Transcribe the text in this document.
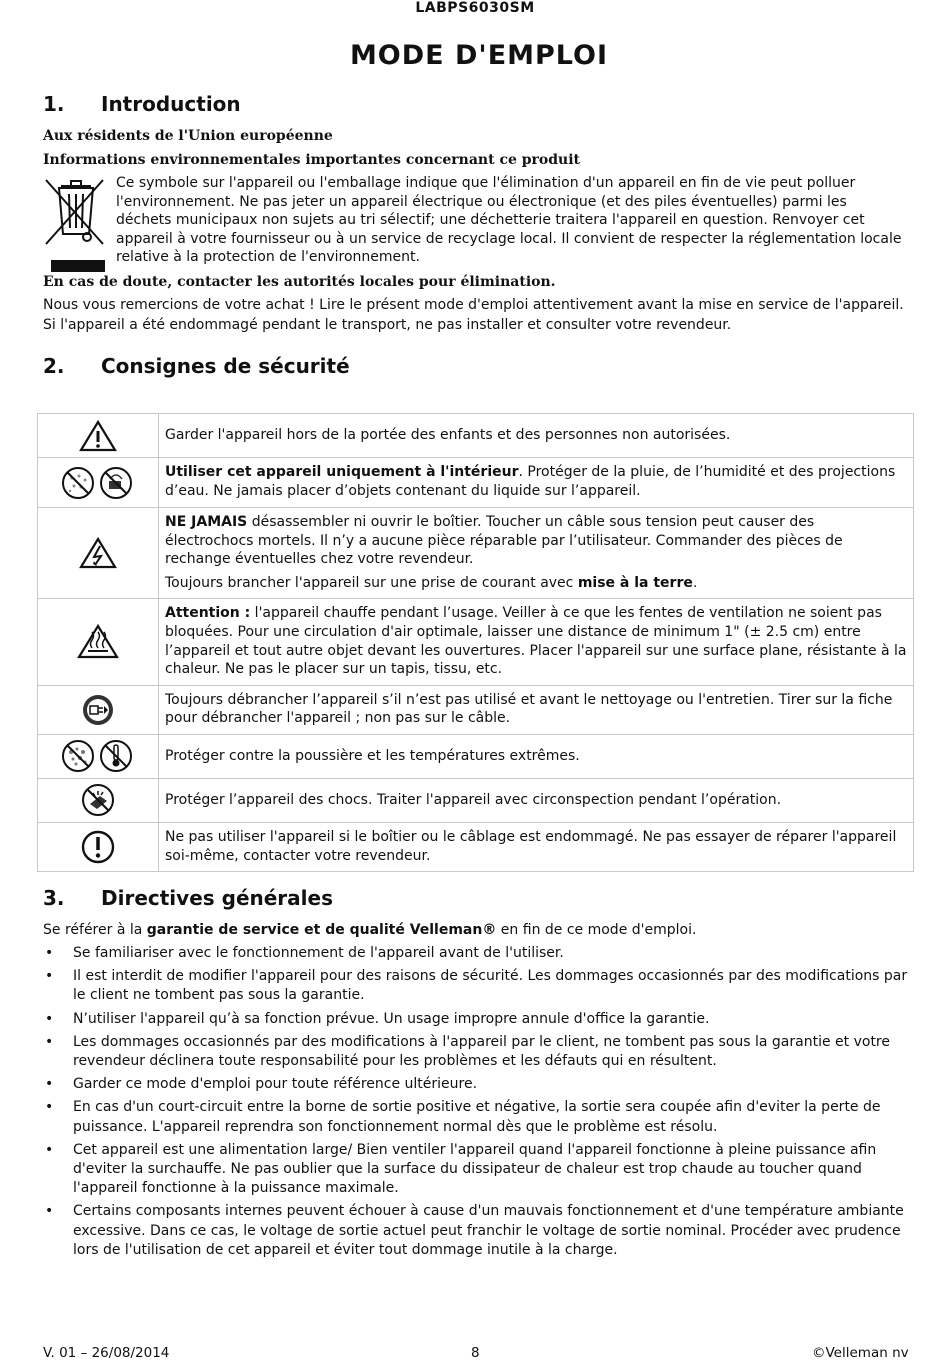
LABPS6030SM
MODE D'EMPLOI
1. Introduction
Aux résidents de l'Union européenne
Informations environnementales importantes concernant ce produit
Ce symbole sur l'appareil ou l'emballage indique que l'élimination d'un appareil en fin de vie peut polluer l'environnement. Ne pas jeter un appareil électrique ou électronique (et des piles éventuelles) parmi les déchets municipaux non sujets au tri sélectif; une déchetterie traitera l'appareil en question. Renvoyer cet appareil à votre fournisseur ou à un service de recyclage local. Il convient de respecter la réglementation locale relative à la protection de l'environnement.
En cas de doute, contacter les autorités locales pour élimination.
Nous vous remercions de votre achat ! Lire le présent mode d'emploi attentivement avant la mise en service de l'appareil. Si l'appareil a été endommagé pendant le transport, ne pas installer et consulter votre revendeur.
2. Consignes de sécurité

Garder l'appareil hors de la portée des enfants et des personnes non autorisées.

Utiliser cet appareil uniquement à l'intérieur. Protéger de la pluie, de l’humidité et des projections d’eau. Ne jamais placer d’objets contenant du liquide sur l’appareil.

NE JAMAIS désassembler ni ouvrir le boîtier. Toucher un câble sous tension peut causer des électrochocs mortels. Il n’y a aucune pièce réparable par l’utilisateur. Commander des pièces de rechange éventuelles chez votre revendeur.

Toujours brancher l'appareil sur une prise de courant avec mise à la terre.

Attention : l'appareil chauffe pendant l’usage. Veiller à ce que les fentes de ventilation ne soient pas bloquées. Pour une circulation d'air optimale, laisser une distance de minimum 1" (± 2.5 cm) entre l’appareil et tout autre objet devant les ouvertures. Placer l'appareil sur une surface plane, résistante à la chaleur. Ne pas le placer sur un tapis, tissu, etc.

Toujours débrancher l’appareil s’il n’est pas utilisé et avant le nettoyage ou l'entretien. Tirer sur la fiche pour débrancher l'appareil ; non pas sur le câble.

Protéger contre la poussière et les températures extrêmes.

Protéger l’appareil des chocs. Traiter l'appareil avec circonspection pendant l’opération.

Ne pas utiliser l'appareil si le boîtier ou le câblage est endommagé. Ne pas essayer de réparer l'appareil soi-même, contacter votre revendeur.

3. Directives générales
Se référer à la garantie de service et de qualité Velleman® en fin de ce mode d'emploi.
• Se familiariser avec le fonctionnement de l'appareil avant de l'utiliser.
• Il est interdit de modifier l'appareil pour des raisons de sécurité. Les dommages occasionnés par des modifications par le client ne tombent pas sous la garantie.
• N’utiliser l'appareil qu’à sa fonction prévue. Un usage impropre annule d'office la garantie.
• Les dommages occasionnés par des modifications à l'appareil par le client, ne tombent pas sous la garantie et votre revendeur déclinera toute responsabilité pour les problèmes et les défauts qui en résultent.
• Garder ce mode d'emploi pour toute référence ultérieure.
• En cas d'un court-circuit entre la borne de sortie positive et négative, la sortie sera coupée afin d'eviter la perte de puissance. L'appareil reprendra son fonctionnement normal dès que le problème est résolu.
• Cet appareil est une alimentation large/ Bien ventiler l'appareil quand l'appareil fonctionne à pleine puissance afin d'eviter la surchauffe. Ne pas oublier que la surface du dissipateur de chaleur est trop chaude au toucher quand l'appareil fonctionne à la puissance maximale.
• Certains composants internes peuvent échouer à cause d'un mauvais fonctionnement et d'une température ambiante excessive. Dans ce cas, le voltage de sortie actuel peut franchir le voltage de sortie nominal. Procéder avec prudence lors de l'utilisation de cet appareil et éviter tout dommage inutile à la charge.
V. 01 – 26/08/2014	8	©Velleman nv
